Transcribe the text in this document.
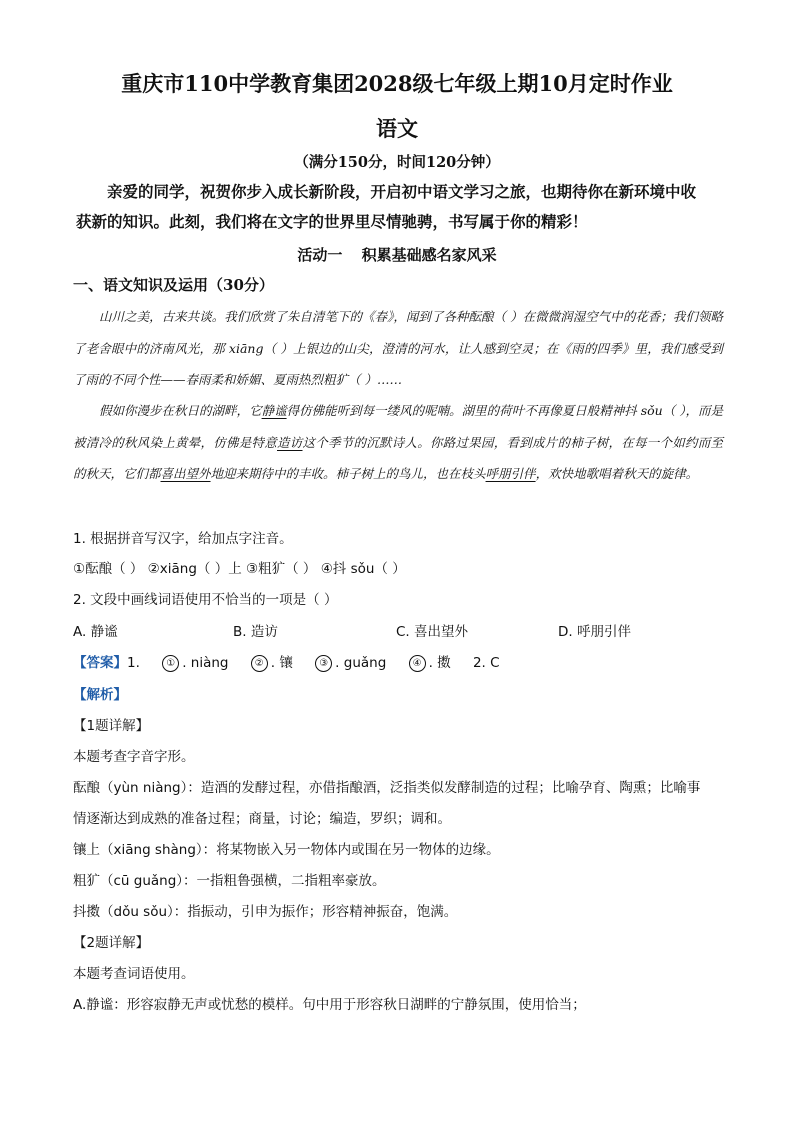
重庆市110中学教育集团2028级七年级上期10月定时作业
语文
（满分150分，时间120分钟）
亲爱的同学，祝贺你步入成长新阶段，开启初中语文学习之旅，也期待你在新环境中收
获新的知识。此刻，我们将在文字的世界里尽情驰骋，书写属于你的精彩！
活动一 积累基础感名家风采
一、语文知识及运用（30分）

山川之美，古来共谈。我们欣赏了朱自清笔下的《春》，闻到了各种酝酿（ ）在微微润湿空气中的花香；我们领略了老舍眼中的济南风光，那 xiāng（ ）上银边的山尖，澄清的河水，让人感到空灵；在《雨的四季》里，我们感受到了雨的不同个性——春雨柔和娇媚、夏雨热烈粗犷（ ）……

假如你漫步在秋日的湖畔，它静谧得仿佛能听到每一缕风的呢喃。湖里的荷叶不再像夏日般精神抖 sǒu（ ），而是被清冷的秋风染上黄晕，仿佛是特意造访这个季节的沉默诗人。你路过果园，看到成片的柿子树，在每一个如约而至的秋天，它们都喜出望外地迎来期待中的丰收。柿子树上的鸟儿，也在枝头呼朋引伴，欢快地歌唱着秋天的旋律。

1. 根据拼音写汉字，给加点字注音。
①酝酿（ ） ②xiāng（ ）上 ③粗犷（ ） ④抖 sǒu（ ）
2. 文段中画线词语使用不恰当的一项是（ ）
A. 静谧	B. 造访	C. 喜出望外	D. 呼朋引伴
【答案】1.	① . niàng	② . 镶	③ . guǎng	④ . 擞 2. C

【解析】

【1题详解】

本题考查字音字形。

酝酿（yùn niàng）：造酒的发酵过程，亦借指酿酒，泛指类似发酵制造的过程；比喻孕育、陶熏；比喻事

情逐渐达到成熟的准备过程；商量，讨论；编造，罗织；调和。

镶上（xiāng shàng）：将某物嵌入另一物体内或围在另一物体的边缘。

粗犷（cū guǎng）：一指粗鲁强横，二指粗率豪放。

抖擞（dǒu sǒu）：指振动，引申为振作；形容精神振奋，饱满。

【2题详解】

本题考查词语使用。

A.静谧：形容寂静无声或忧愁的模样。句中用于形容秋日湖畔的宁静氛围，使用恰当；
